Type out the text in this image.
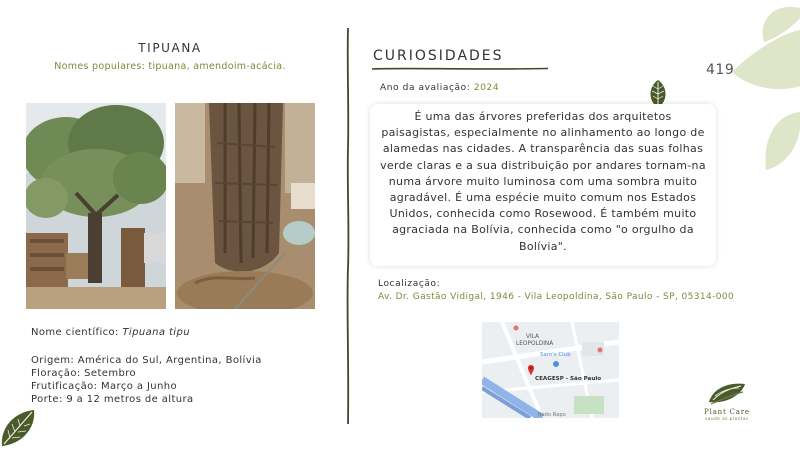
TIPUANA
Nomes populares: tipuana, amendoim-acácia.
Nome científico: Tipuana tipu
Origem: América do Sul, Argentina, Bolívia
Floração: Setembro
Frutificação: Março a Junho
Porte: 9 a 12 metros de altura
CURIOSIDADES
Ano da avaliação: 2024
419
É uma das árvores preferidas dos arquitetos paisagistas, especialmente no alinhamento ao longo de alamedas nas cidades. A transparência das suas folhas verde claras e a sua distribuição por andares tornam-na numa árvore muito luminosa com uma sombra muito agradável. É uma espécie muito comum nos Estados Unidos, conhecida como Rosewood. É também muito agraciada na Bolívia, conhecida como "o orgulho da Bolívia".
Localização:
Av. Dr. Gastão Vidigal, 1946 - Vila Leopoldina, São Paulo - SP, 05314-000
VILA
LEOPOLDINA
Sam's Club
CEAGESP - São Paulo
Rodo Rapo	Plant Care
saude as plantas
